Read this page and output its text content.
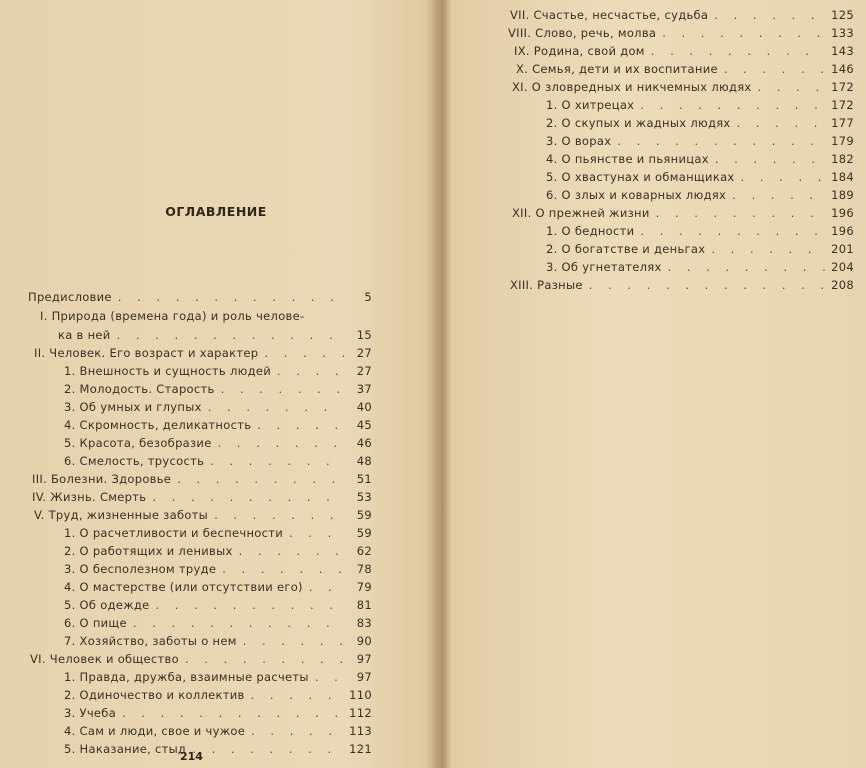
ОГЛАВЛЕНИЕ
Предисловие . . .	5
I. Природа (времена года) и роль челове-
ка в ней . . .	15
II. Человек. Его возраст и характер . . .	27
1. Внешность и сущность людей . . .	27
2. Молодость. Старость . . .	37
3. Об умных и глупых . . .	40
4. Скромность, деликатность . . .	45
5. Красота, безобразие . . .	46
6. Смелость, трусость . . .	48
III. Болезни. Здоровье . . .	51
IV. Жизнь. Смерть . . .	53
V. Труд, жизненные заботы . . .	59
1. О расчетливости и беспечности . . .	59
2. О работящих и ленивых . . .	62
3. О бесполезном труде . . .	78
4. О мастерстве (или отсутствии его) . . .	79
5. Об одежде . . .	81
6. О пище . . .	83
7. Хозяйство, заботы о нем . . .	90
VI. Человек и общество . . .	97
1. Правда, дружба, взаимные расчеты . . .	97
2. Одиночество и коллектив . . .	110
3. Учеба . . .	112
4. Сам и люди, свое и чужое . . .	113
5. Наказание, стыд . . .	121
214
VII. Счастье, несчастье, судьба . . .	125
VIII. Слово, речь, молва . . .	133
IX. Родина, свой дом . . .	143
X. Семья, дети и их воспитание . . .	146
XI. О зловредных и никчемных людях . . .	172
1. О хитрецах . . .	172
2. О скупых и жадных людях . . .	177
3. О ворах . . .	179
4. О пьянстве и пьяницах . . .	182
5. О хвастунах и обманщиках . . .	184
6. О злых и коварных людях . . .	189
XII. О прежней жизни . . .	196
1. О бедности . . .	196
2. О богатстве и деньгах . . .	201
3. Об угнетателях . . .	204
XIII. Разные . . .	208
